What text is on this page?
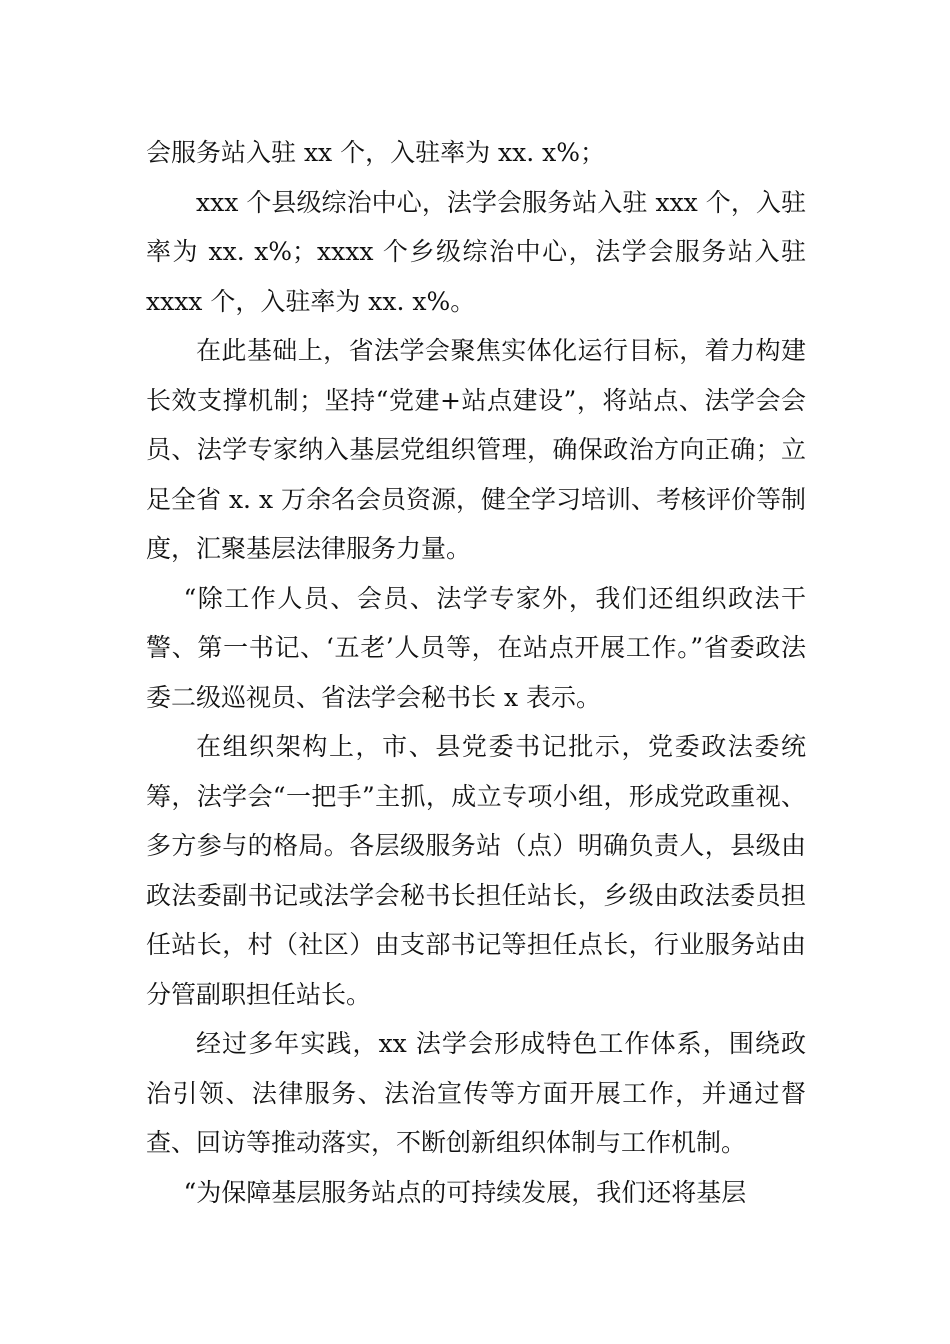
会服务站入驻 xx 个，入驻率为 xx. x%；

xxx 个县级综治中心，法学会服务站入驻 xxx 个，入驻率为 xx. x%；xxxx 个乡级综治中心，法学会服务站入驻 xxxx 个，入驻率为 xx. x%。

在此基础上，省法学会聚焦实体化运行目标，着力构建长效支撑机制；坚持“党建+站点建设”，将站点、法学会会员、法学专家纳入基层党组织管理，确保政治方向正确；立足全省 x. x 万余名会员资源，健全学习培训、考核评价等制度，汇聚基层法律服务力量。

“除工作人员、会员、法学专家外，我们还组织政法干警、第一书记、‘五老’人员等，在站点开展工作。”省委政法委二级巡视员、省法学会秘书长 x 表示。

在组织架构上，市、县党委书记批示，党委政法委统筹，法学会“一把手”主抓，成立专项小组，形成党政重视、多方参与的格局。各层级服务站（点）明确负责人，县级由政法委副书记或法学会秘书长担任站长，乡级由政法委员担任站长，村（社区）由支部书记等担任点长，行业服务站由分管副职担任站长。

经过多年实践，xx 法学会形成特色工作体系，围绕政治引领、法律服务、法治宣传等方面开展工作，并通过督查、回访等推动落实，不断创新组织体制与工作机制。

“为保障基层服务站点的可持续发展，我们还将基层
